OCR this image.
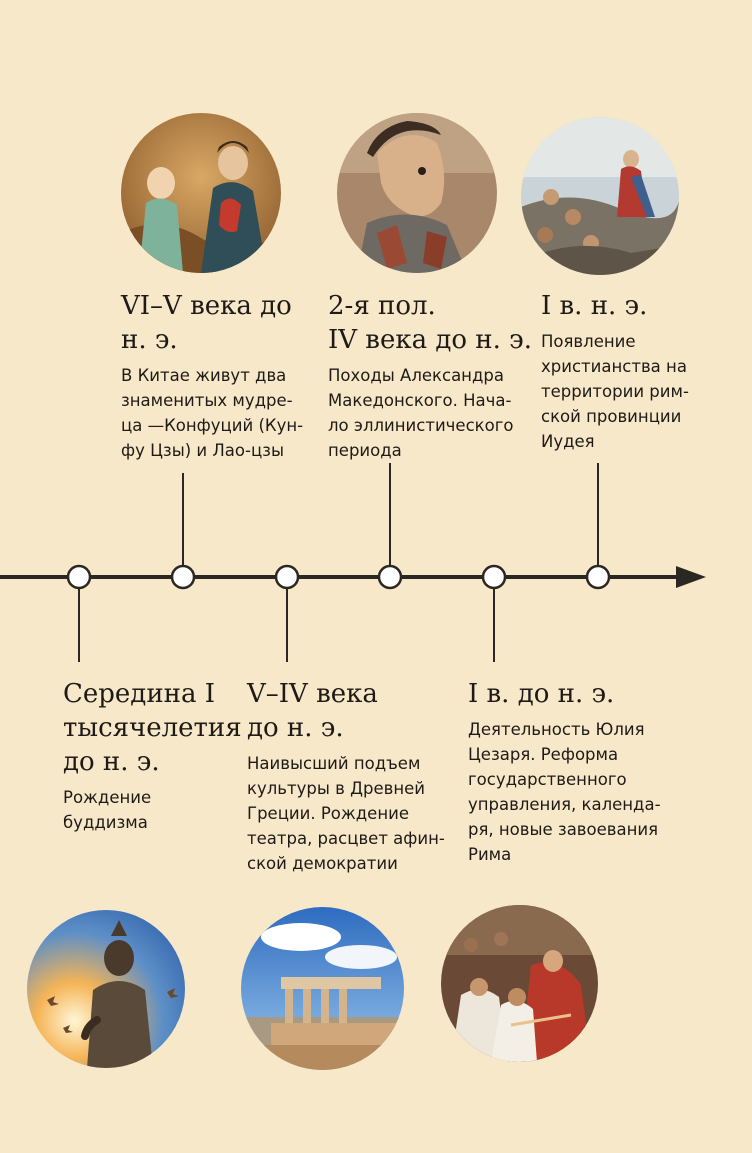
VI–V века до
н. э.

В Китае живут два
знаменитых мудре-
ца —Конфуций (Кун-
фу Цзы) и Лао-цзы

2-я пол.
IV века до н. э.

Походы Александра
Македонского. Нача-
ло эллинистического
периода

I в. н. э.

Появление
христианства на
территории рим-
ской провинции
Иудея

Середина I
тысячелетия
до н. э.

Рождение
буддизма

V–IV века
до н. э.

Наивысший подъем
культуры в Древней
Греции. Рождение
театра, расцвет афин-
ской демократии

I в. до н. э.

Деятельность Юлия
Цезаря. Реформа
государственного
управления, календа-
ря, новые завоевания
Рима
